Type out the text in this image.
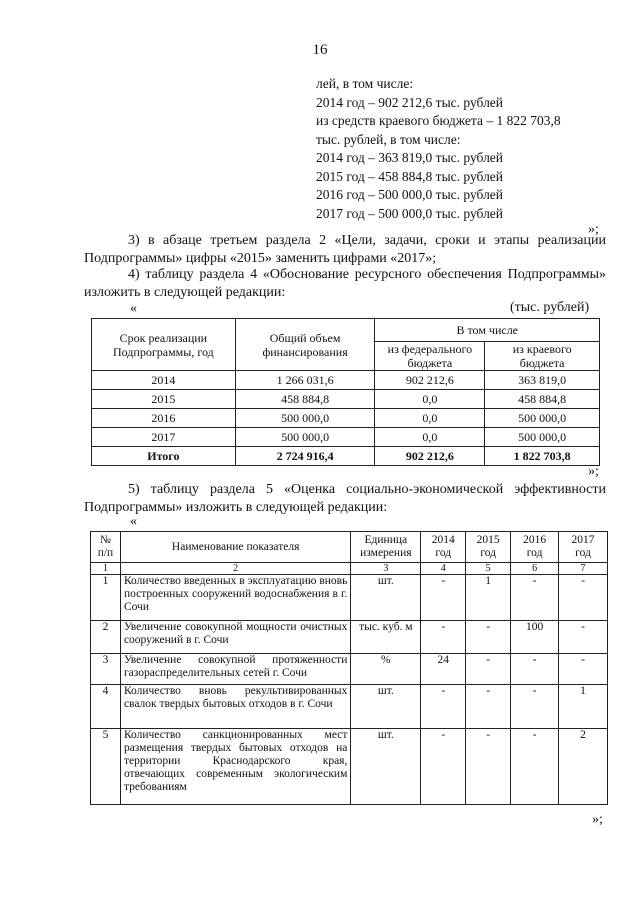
16
лей, в том числе:
2014 год – 902 212,6 тыс. рублей
из средств краевого бюджета – 1 822 703,8
тыс. рублей, в том числе:
2014 год – 363 819,0 тыс. рублей
2015 год – 458 884,8 тыс. рублей
2016 год – 500 000,0 тыс. рублей
2017 год – 500 000,0 тыс. рублей
»;
3) в абзаце третьем раздела 2 «Цели, задачи, сроки и этапы реализации Подпрограммы» цифры «2015» заменить цифрами «2017»;
4) таблицу раздела 4 «Обоснование ресурсного обеспечения Подпрограммы» изложить в следующей редакции:
«	(тыс. рублей)
Срок реализации Подпрограммы, год	Общий объем финансирования	В том числе	
		из федерального бюджета	из краевого бюджета
2014	1 266 031,6	902 212,6	363 819,0
2015	458 884,8	0,0	458 884,8
2016	500 000,0	0,0	500 000,0
2017	500 000,0	0,0	500 000,0
Итого	2 724 916,4	902 212,6	1 822 703,8
»;
5) таблицу раздела 5 «Оценка социально-экономической эффективности Подпрограммы» изложить в следующей редакции:
«
№ п/п	Наименование показателя	Единица измерения	2014 год	2015 год	2016 год	2017 год
1	2	3	4	5	6	7
1	Количество введенных в эксплуатацию вновь построенных сооружений водоснабжения в г. Сочи	шт.	-	1	-	-
2	Увеличение совокупной мощности очистных сооружений в г. Сочи	тыс. куб. м	-	-	100	-
3	Увеличение совокупной протяженности газораспределительных сетей г. Сочи	%	24	-	-	-
4	Количество вновь рекультивированных свалок твердых бытовых отходов в г. Сочи	шт.	-	-	-	1
5	Количество санкционированных мест размещения твердых бытовых отходов на территории Краснодарского края, отвечающих современным экологическим требованиям	шт.	-	-	-	2
»;
